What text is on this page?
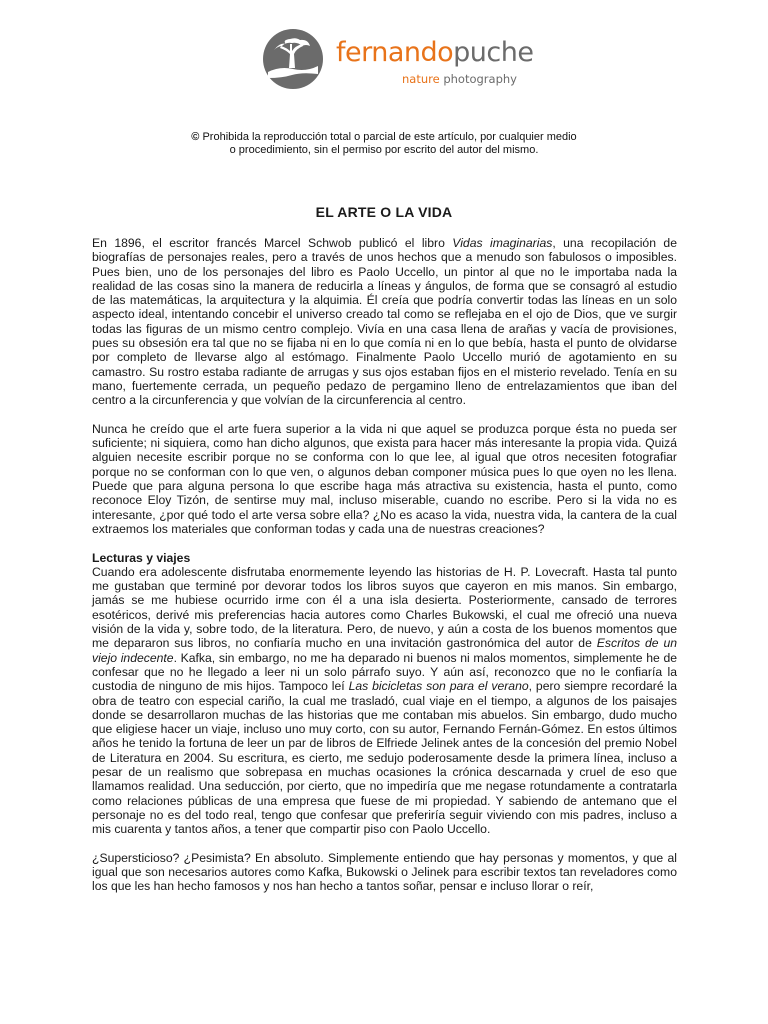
fernandopuche
nature photography
© Prohibida la reproducción total o parcial de este artículo, por cualquier medio
o procedimiento, sin el permiso por escrito del autor del mismo.
EL ARTE O LA VIDA

En 1896, el escritor francés Marcel Schwob publicó el libro Vidas imaginarias, una recopilación de biografías de personajes reales, pero a través de unos hechos que a menudo son fabulosos o imposibles. Pues bien, uno de los personajes del libro es Paolo Uccello, un pintor al que no le importaba nada la realidad de las cosas sino la manera de reducirla a líneas y ángulos, de forma que se consagró al estudio de las matemáticas, la arquitectura y la alquimia. Él creía que podría convertir todas las líneas en un solo aspecto ideal, intentando concebir el universo creado tal como se reflejaba en el ojo de Dios, que ve surgir todas las figuras de un mismo centro complejo. Vivía en una casa llena de arañas y vacía de provisiones, pues su obsesión era tal que no se fijaba ni en lo que comía ni en lo que bebía, hasta el punto de olvidarse por completo de llevarse algo al estómago. Finalmente Paolo Uccello murió de agotamiento en su camastro. Su rostro estaba radiante de arrugas y sus ojos estaban fijos en el misterio revelado. Tenía en su mano, fuertemente cerrada, un pequeño pedazo de pergamino lleno de entrelazamientos que iban del centro a la circunferencia y que volvían de la circunferencia al centro.

Nunca he creído que el arte fuera superior a la vida ni que aquel se produzca porque ésta no pueda ser suficiente; ni siquiera, como han dicho algunos, que exista para hacer más interesante la propia vida. Quizá alguien necesite escribir porque no se conforma con lo que lee, al igual que otros necesiten fotografiar porque no se conforman con lo que ven, o algunos deban componer música pues lo que oyen no les llena. Puede que para alguna persona lo que escribe haga más atractiva su existencia, hasta el punto, como reconoce Eloy Tizón, de sentirse muy mal, incluso miserable, cuando no escribe. Pero si la vida no es interesante, ¿por qué todo el arte versa sobre ella? ¿No es acaso la vida, nuestra vida, la cantera de la cual extraemos los materiales que conforman todas y cada una de nuestras creaciones?

Lecturas y viajes

Cuando era adolescente disfrutaba enormemente leyendo las historias de H. P. Lovecraft. Hasta tal punto me gustaban que terminé por devorar todos los libros suyos que cayeron en mis manos. Sin embargo, jamás se me hubiese ocurrido irme con él a una isla desierta. Posteriormente, cansado de terrores esotéricos, derivé mis preferencias hacia autores como Charles Bukowski, el cual me ofreció una nueva visión de la vida y, sobre todo, de la literatura. Pero, de nuevo, y aún a costa de los buenos momentos que me depararon sus libros, no confiaría mucho en una invitación gastronómica del autor de Escritos de un viejo indecente. Kafka, sin embargo, no me ha deparado ni buenos ni malos momentos, simplemente he de confesar que no he llegado a leer ni un solo párrafo suyo. Y aún así, reconozco que no le confiaría la custodia de ninguno de mis hijos. Tampoco leí Las bicicletas son para el verano, pero siempre recordaré la obra de teatro con especial cariño, la cual me trasladó, cual viaje en el tiempo, a algunos de los paisajes donde se desarrollaron muchas de las historias que me contaban mis abuelos. Sin embargo, dudo mucho que eligiese hacer un viaje, incluso uno muy corto, con su autor, Fernando Fernán-Gómez. En estos últimos años he tenido la fortuna de leer un par de libros de Elfriede Jelinek antes de la concesión del premio Nobel de Literatura en 2004. Su escritura, es cierto, me sedujo poderosamente desde la primera línea, incluso a pesar de un realismo que sobrepasa en muchas ocasiones la crónica descarnada y cruel de eso que llamamos realidad. Una seducción, por cierto, que no impediría que me negase rotundamente a contratarla como relaciones públicas de una empresa que fuese de mi propiedad. Y sabiendo de antemano que el personaje no es del todo real, tengo que confesar que preferiría seguir viviendo con mis padres, incluso a mis cuarenta y tantos años, a tener que compartir piso con Paolo Uccello.

¿Supersticioso? ¿Pesimista? En absoluto. Simplemente entiendo que hay personas y momentos, y que al igual que son necesarios autores como Kafka, Bukowski o Jelinek para escribir textos tan reveladores como los que les han hecho famosos y nos han hecho a tantos soñar, pensar e incluso llorar o reír,
